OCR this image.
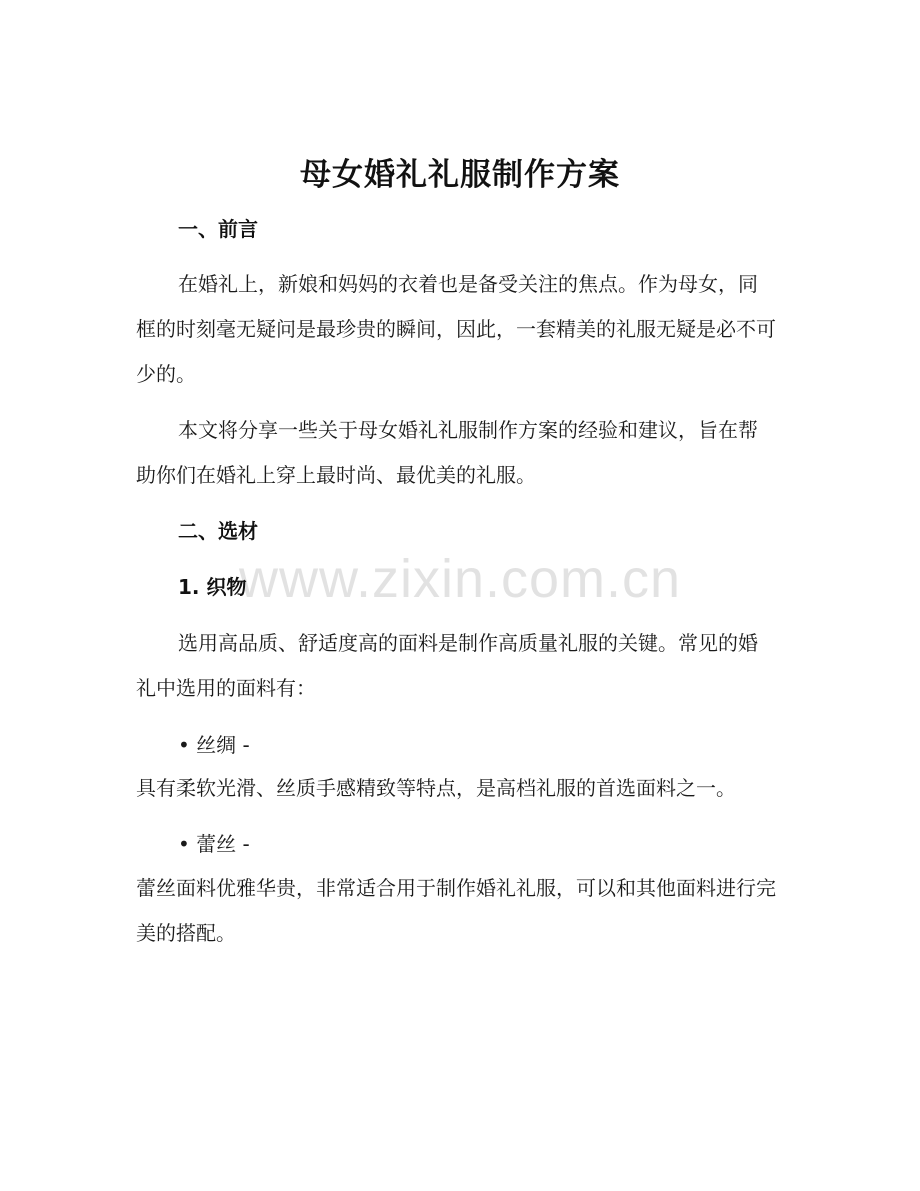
母女婚礼礼服制作方案
一、前言
在婚礼上，新娘和妈妈的衣着也是备受关注的焦点。作为母女，同框的时刻毫无疑问是最珍贵的瞬间，因此，一套精美的礼服无疑是必不可少的。
本文将分享一些关于母女婚礼礼服制作方案的经验和建议，旨在帮助你们在婚礼上穿上最时尚、最优美的礼服。
二、选材
www.zixin.com.cn
1. 织物
选用高品质、舒适度高的面料是制作高质量礼服的关键。常见的婚礼中选用的面料有：
• 丝绸 -
具有柔软光滑、丝质手感精致等特点，是高档礼服的首选面料之一。
• 蕾丝 -
蕾丝面料优雅华贵，非常适合用于制作婚礼礼服，可以和其他面料进行完美的搭配。
